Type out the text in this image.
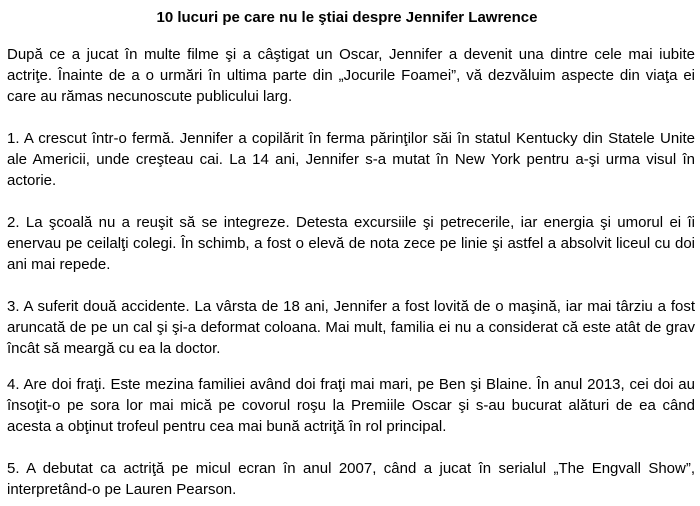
10 lucuri pe care nu le ştiai despre Jennifer Lawrence

După ce a jucat în multe filme şi a câştigat un Oscar, Jennifer a devenit una dintre cele mai iubite actriţe. Înainte de a o urmări în ultima parte din „Jocurile Foamei”, vă dezvăluim aspecte din viaţa ei care au rămas necunoscute publicului larg.

1. A crescut într-o fermă. Jennifer a copilărit în ferma părinţilor săi în statul Kentucky din Statele Unite ale Americii, unde creşteau cai. La 14 ani, Jennifer s-a mutat în New York pentru a-şi urma visul în actorie.

2. La şcoală nu a reuşit să se integreze. Detesta excursiile şi petrecerile, iar energia şi umorul ei îi enervau pe ceilalţi colegi. În schimb, a fost o elevă de nota zece pe linie şi astfel a absolvit liceul cu doi ani mai repede.

3. A suferit două accidente. La vârsta de 18 ani, Jennifer a fost lovită de o maşină, iar mai târziu a fost aruncată de pe un cal şi şi-a deformat coloana. Mai mult, familia ei nu a considerat că este atât de grav încât să meargă cu ea la doctor.

4. Are doi fraţi. Este mezina familiei având doi fraţi mai mari, pe Ben şi Blaine. În anul 2013, cei doi au însoţit-o pe sora lor mai mică pe covorul roşu la Premiile Oscar şi s-au bucurat alături de ea când acesta a obţinut trofeul pentru cea mai bună actriţă în rol principal.

5. A debutat ca actriţă pe micul ecran în anul 2007, când a jucat în serialul „The Engvall Show”, interpretând-o pe Lauren Pearson.
